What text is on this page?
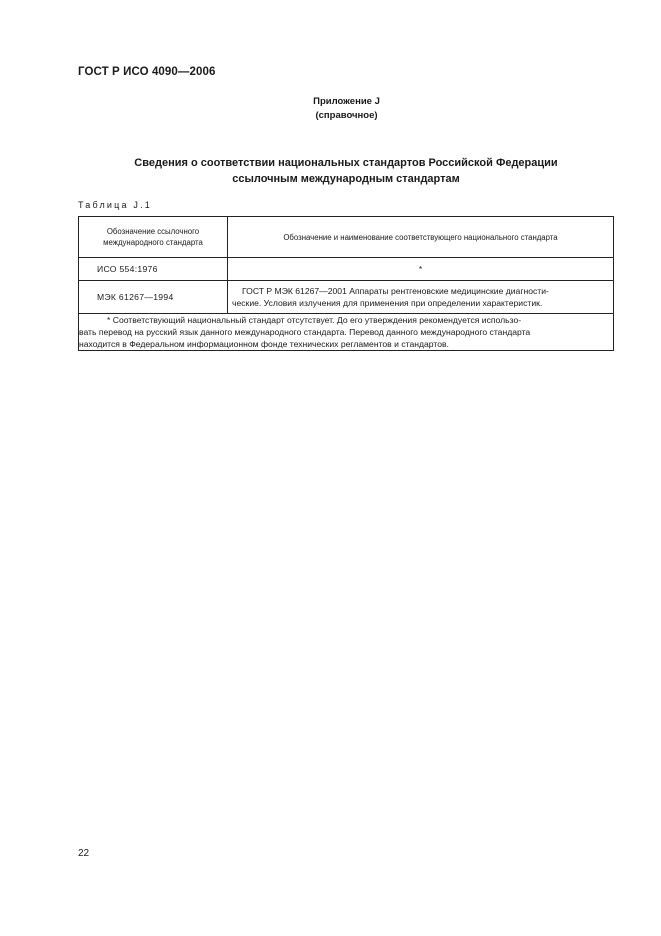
ГОСТ Р ИСО 4090—2006
Приложение J
(справочное)
Сведения о соответствии национальных стандартов Российской Федерации
ссылочным международным стандартам
Таблица J.1
Обозначение ссылочного
международного стандарта	Обозначение и наименование соответствующего национального стандарта
ИСО 554:1976	*
МЭК 61267—1994	ГОСТ Р МЭК 61267—2001 Аппараты рентгеновские медицинские диагности-
ческие. Условия излучения для применения при определении характеристик.

* Соответствующий национальный стандарт отсутствует. До его утверждения рекомендуется использо-
вать перевод на русский язык данного международного стандарта. Перевод данного международного стандарта
находится в Федеральном информационном фонде технических регламентов и стандартов.	
22
